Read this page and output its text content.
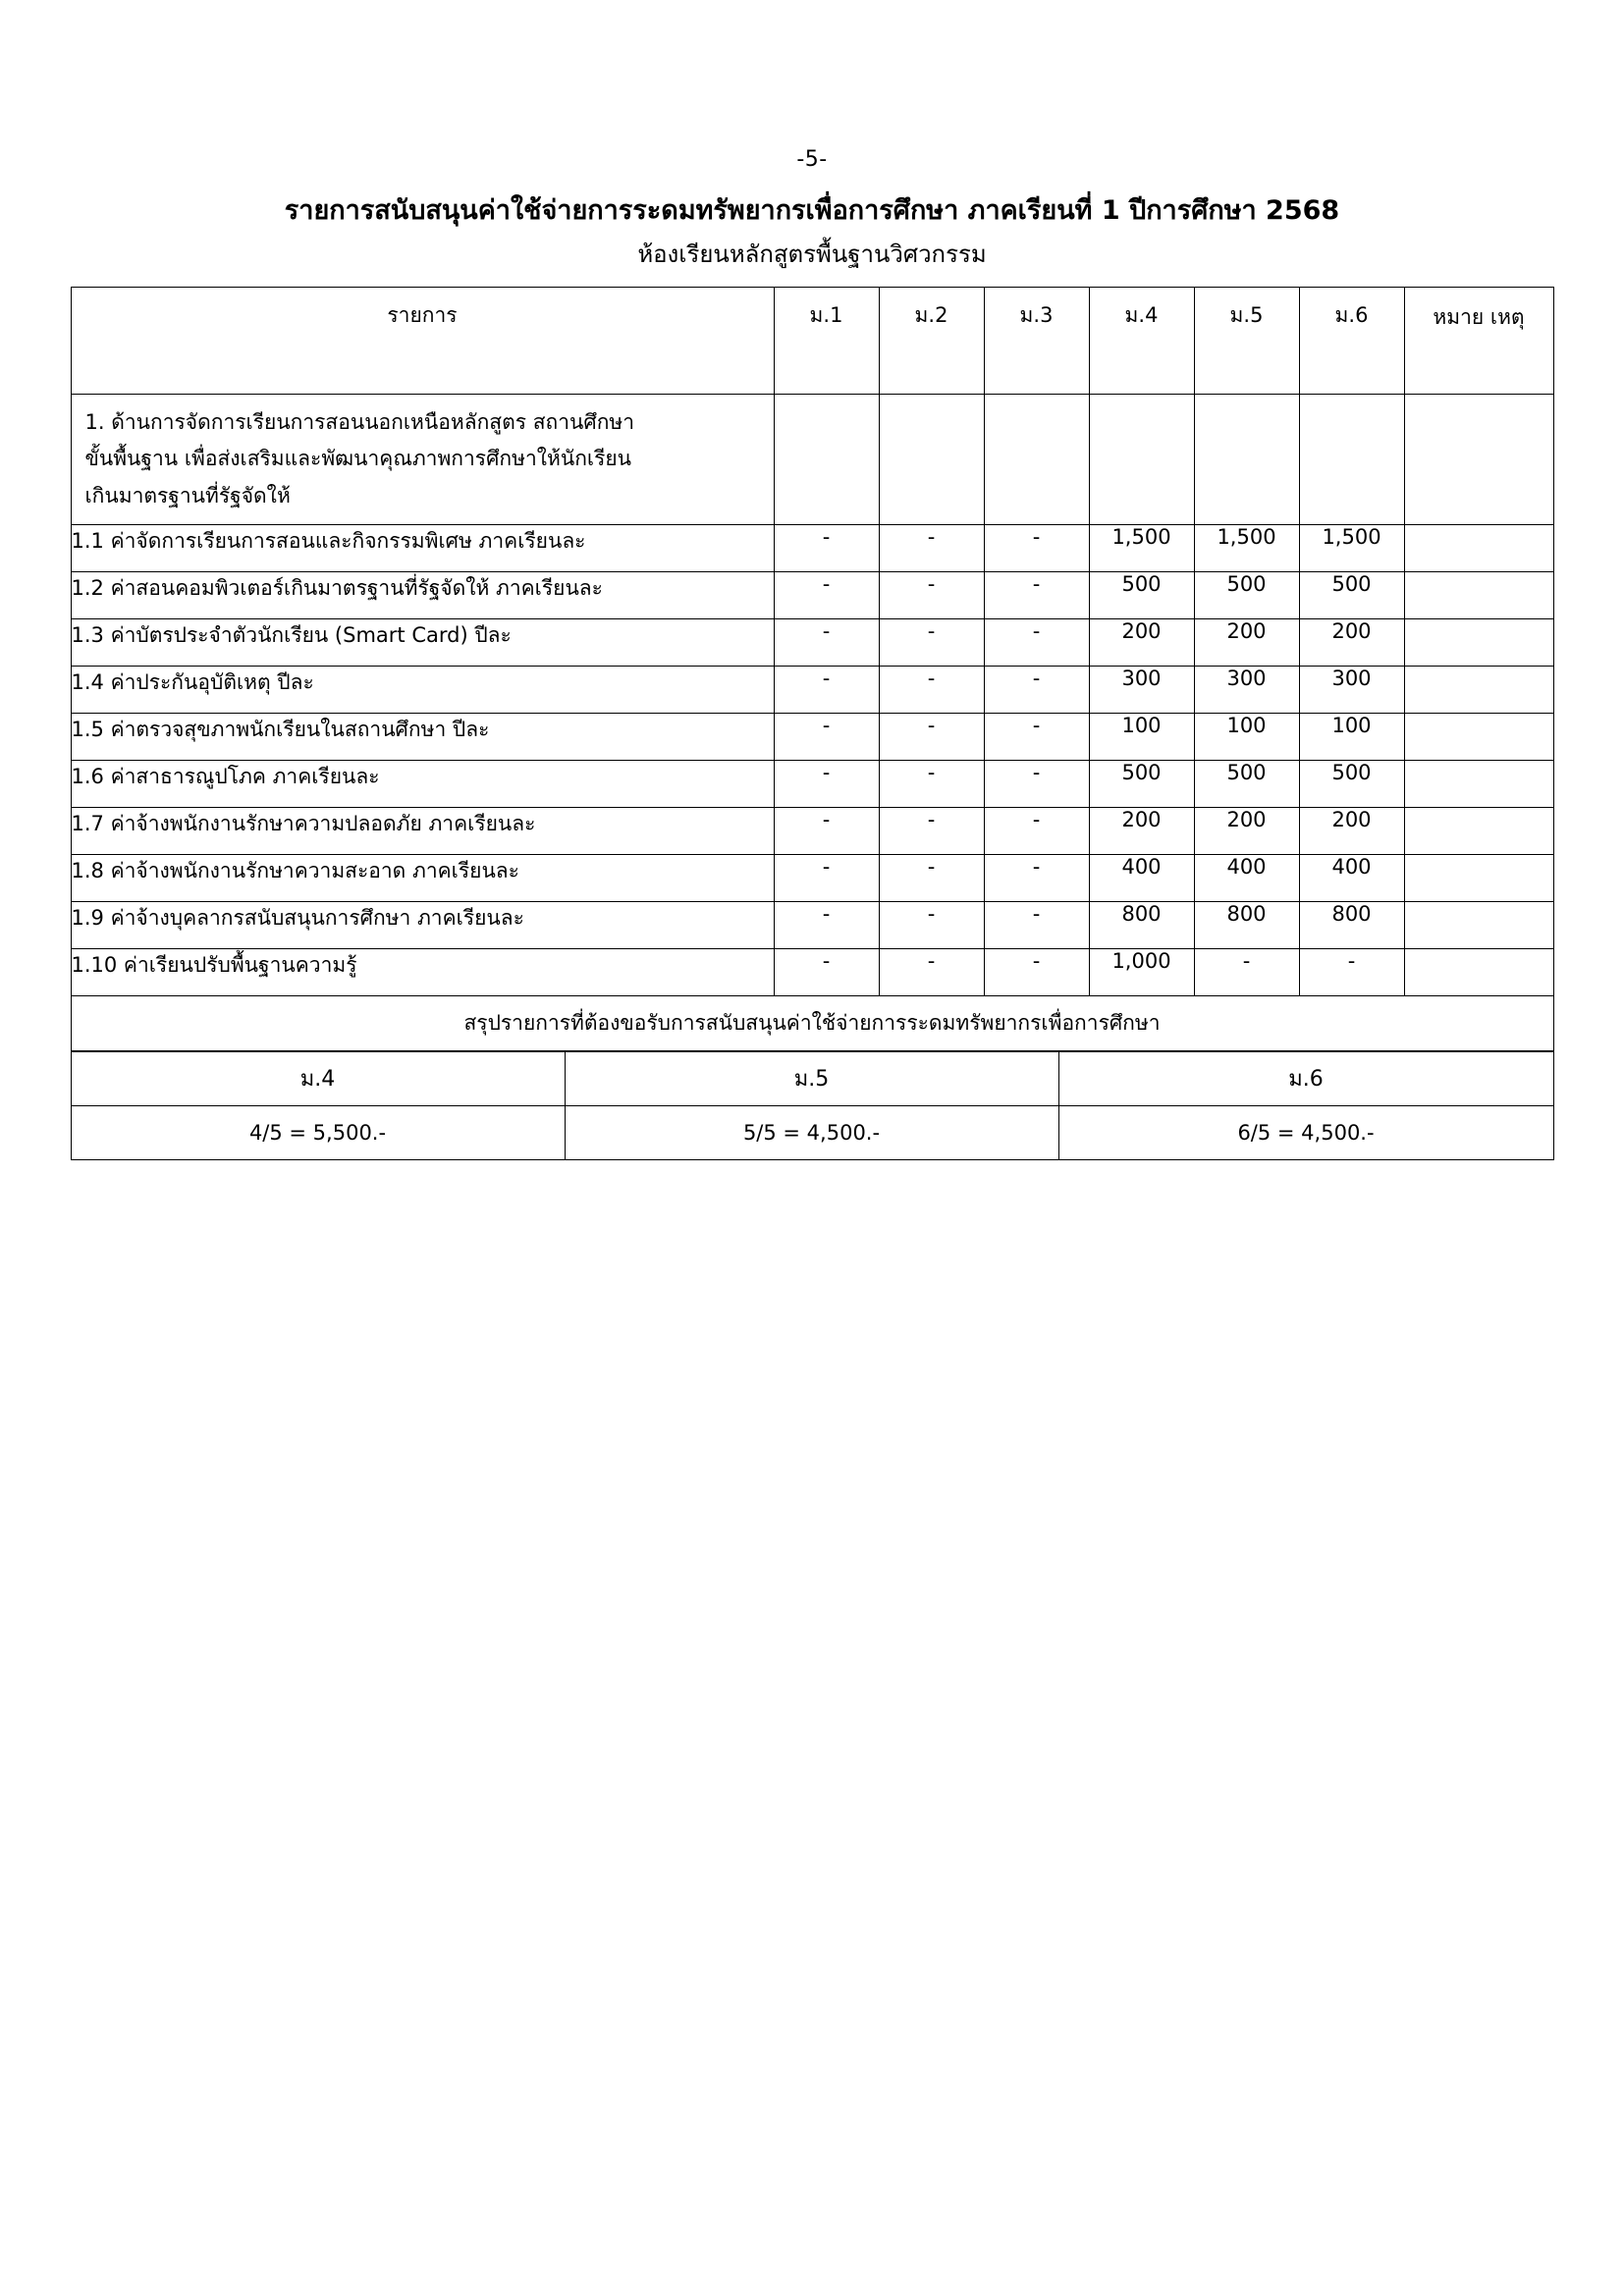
-5-
รายการสนับสนุนค่าใช้จ่ายการระดมทรัพยากรเพื่อการศึกษา ภาคเรียนที่ 1 ปีการศึกษา 2568
ห้องเรียนหลักสูตรพื้นฐานวิศวกรรม
รายการ	ม.1	ม.2	ม.3	ม.4	ม.5	ม.6	หมาย เหตุ

1. ด้านการจัดการเรียนการสอนนอกเหนือหลักสูตร สถานศึกษา
ขั้นพื้นฐาน เพื่อส่งเสริมและพัฒนาคุณภาพการศึกษาให้นักเรียน
เกินมาตรฐานที่รัฐจัดให้							

1.1 ค่าจัดการเรียนการสอนและกิจกรรมพิเศษ ภาคเรียนละ	-	-	-	1,500	1,500	1,500	
1.2 ค่าสอนคอมพิวเตอร์เกินมาตรฐานที่รัฐจัดให้ ภาคเรียนละ	-	-	-	500	500	500	
1.3 ค่าบัตรประจำตัวนักเรียน (Smart Card) ปีละ	-	-	-	200	200	200	
1.4 ค่าประกันอุบัติเหตุ ปีละ	-	-	-	300	300	300	
1.5 ค่าตรวจสุขภาพนักเรียนในสถานศึกษา ปีละ	-	-	-	100	100	100	
1.6 ค่าสาธารณูปโภค ภาคเรียนละ	-	-	-	500	500	500	
1.7 ค่าจ้างพนักงานรักษาความปลอดภัย ภาคเรียนละ	-	-	-	200	200	200	
1.8 ค่าจ้างพนักงานรักษาความสะอาด ภาคเรียนละ	-	-	-	400	400	400	
1.9 ค่าจ้างบุคลากรสนับสนุนการศึกษา ภาคเรียนละ	-	-	-	800	800	800	
1.10 ค่าเรียนปรับพื้นฐานความรู้	-	-	-	1,000	-	-	
สรุปรายการที่ต้องขอรับการสนับสนุนค่าใช้จ่ายการระดมทรัพยากรเพื่อการศึกษา							
ม.4	ม.5	ม.6
4/5 = 5,500.-	5/5 = 4,500.-	6/5 = 4,500.-
